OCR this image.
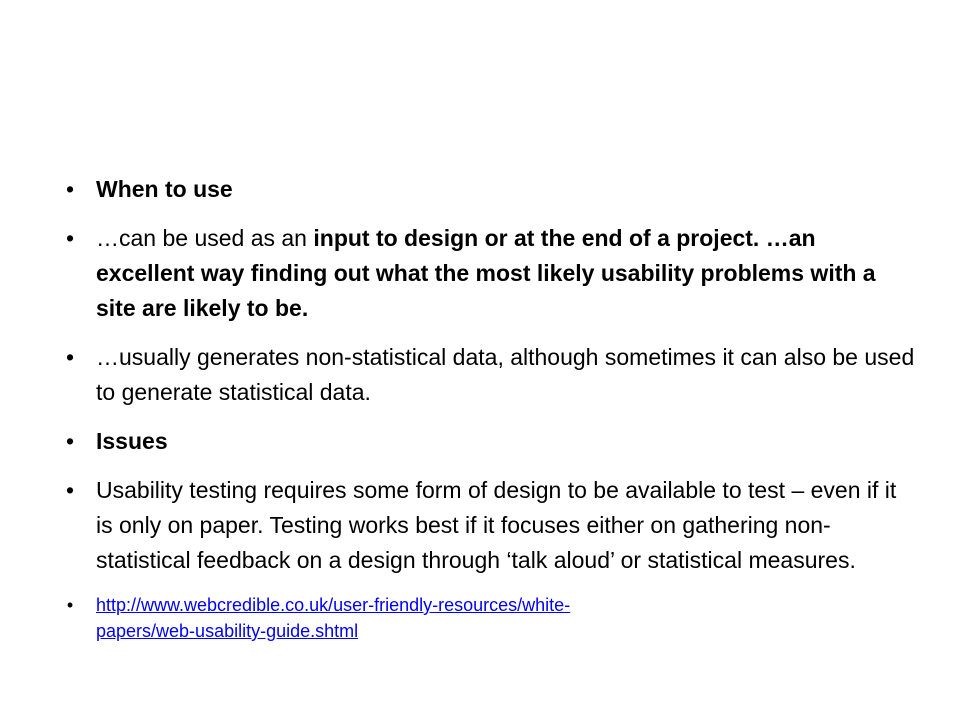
• When to use
• …can be used as an input to design or at the end of a project. …an excellent way finding out what the most likely usability problems with a site are likely to be.
• …usually generates non-statistical data, although sometimes it can also be used to generate statistical data.
• Issues
• Usability testing requires some form of design to be available to test – even if it is only on paper. Testing works best if it focuses either on gathering non-statistical feedback on a design through ‘talk aloud’ or statistical measures.
•	http://www.webcredible.co.uk/user-friendly-resources/white-
papers/web-usability-guide.shtml
